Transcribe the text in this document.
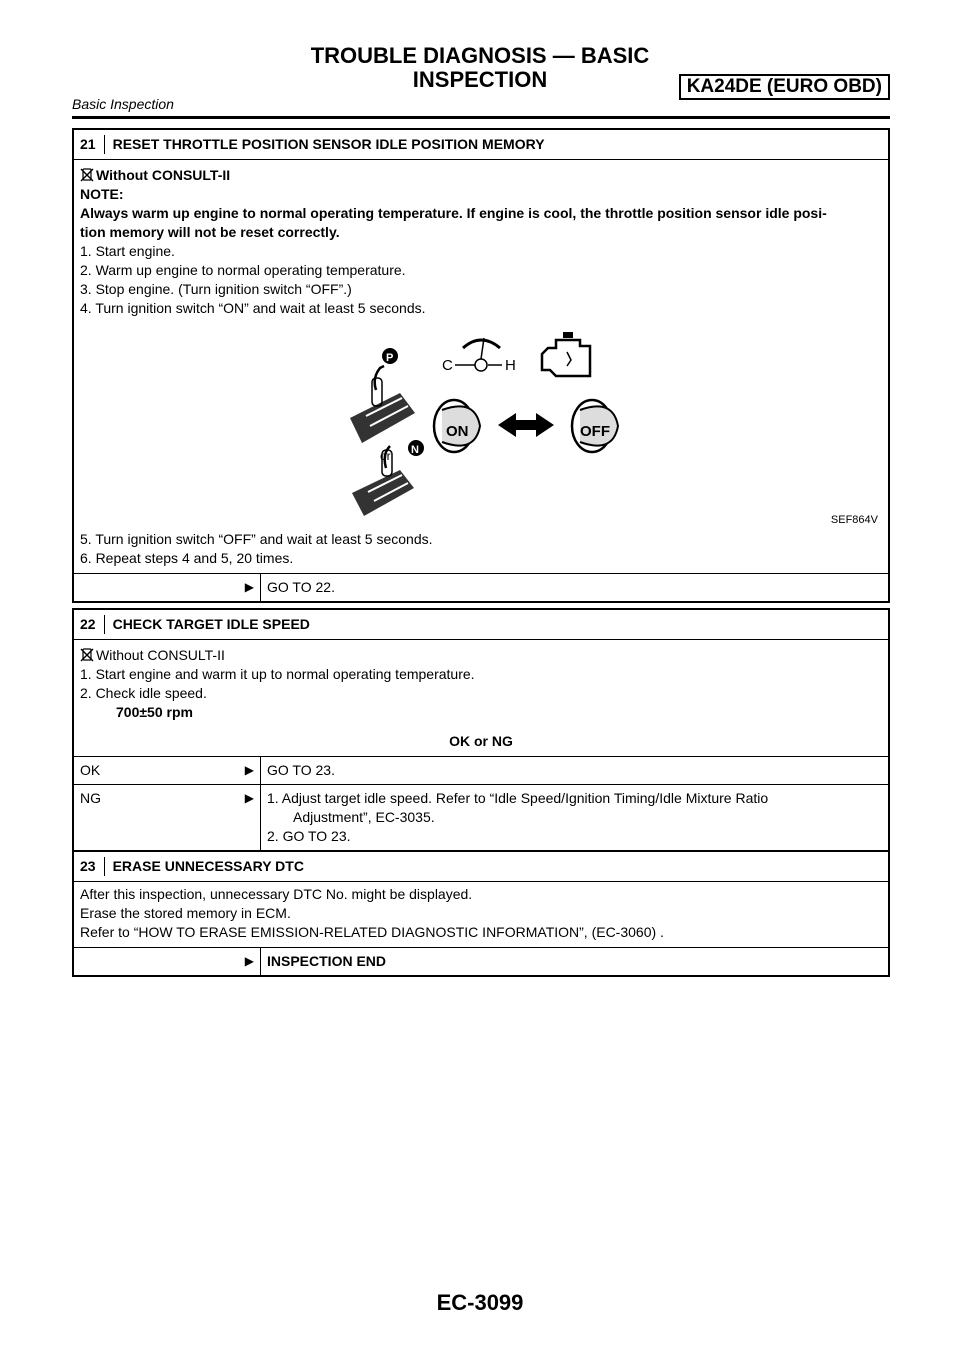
TROUBLE DIAGNOSIS — BASIC
INSPECTION	KA24DE (EURO OBD)
Basic Inspection
21	RESET THROTTLE POSITION SENSOR IDLE POSITION MEMORY

Without CONSULT-II

NOTE:

Always warm up engine to normal operating temperature. If engine is cool, the throttle position sensor idle posi-

tion memory will not be reset correctly.

1. Start engine.

2. Warm up engine to normal operating temperature.

3. Stop engine. (Turn ignition switch “OFF”.)

4. Turn ignition switch “ON” and wait at least 5 seconds.

C	H
P
or N
ON	OFF
SEF864V

5. Turn ignition switch “OFF” and wait at least 5 seconds.

6. Repeat steps 4 and 5, 20 times.

▶ GO TO 22.
22	CHECK TARGET IDLE SPEED

Without CONSULT-II

1. Start engine and warm it up to normal operating temperature.

2. Check idle speed.

700±50 rpm

OK or NG

OK	▶ GO TO 23.
NG	▶ 1. Adjust target idle speed. Refer to “Idle Speed/Ignition Timing/Idle Mixture Ratio

Adjustment”, EC-3035.

2. GO TO 23.

23	ERASE UNNECESSARY DTC

After this inspection, unnecessary DTC No. might be displayed.

Erase the stored memory in ECM.

Refer to “HOW TO ERASE EMISSION-RELATED DIAGNOSTIC INFORMATION”, (EC-3060) .

▶ INSPECTION END
EC-3099
